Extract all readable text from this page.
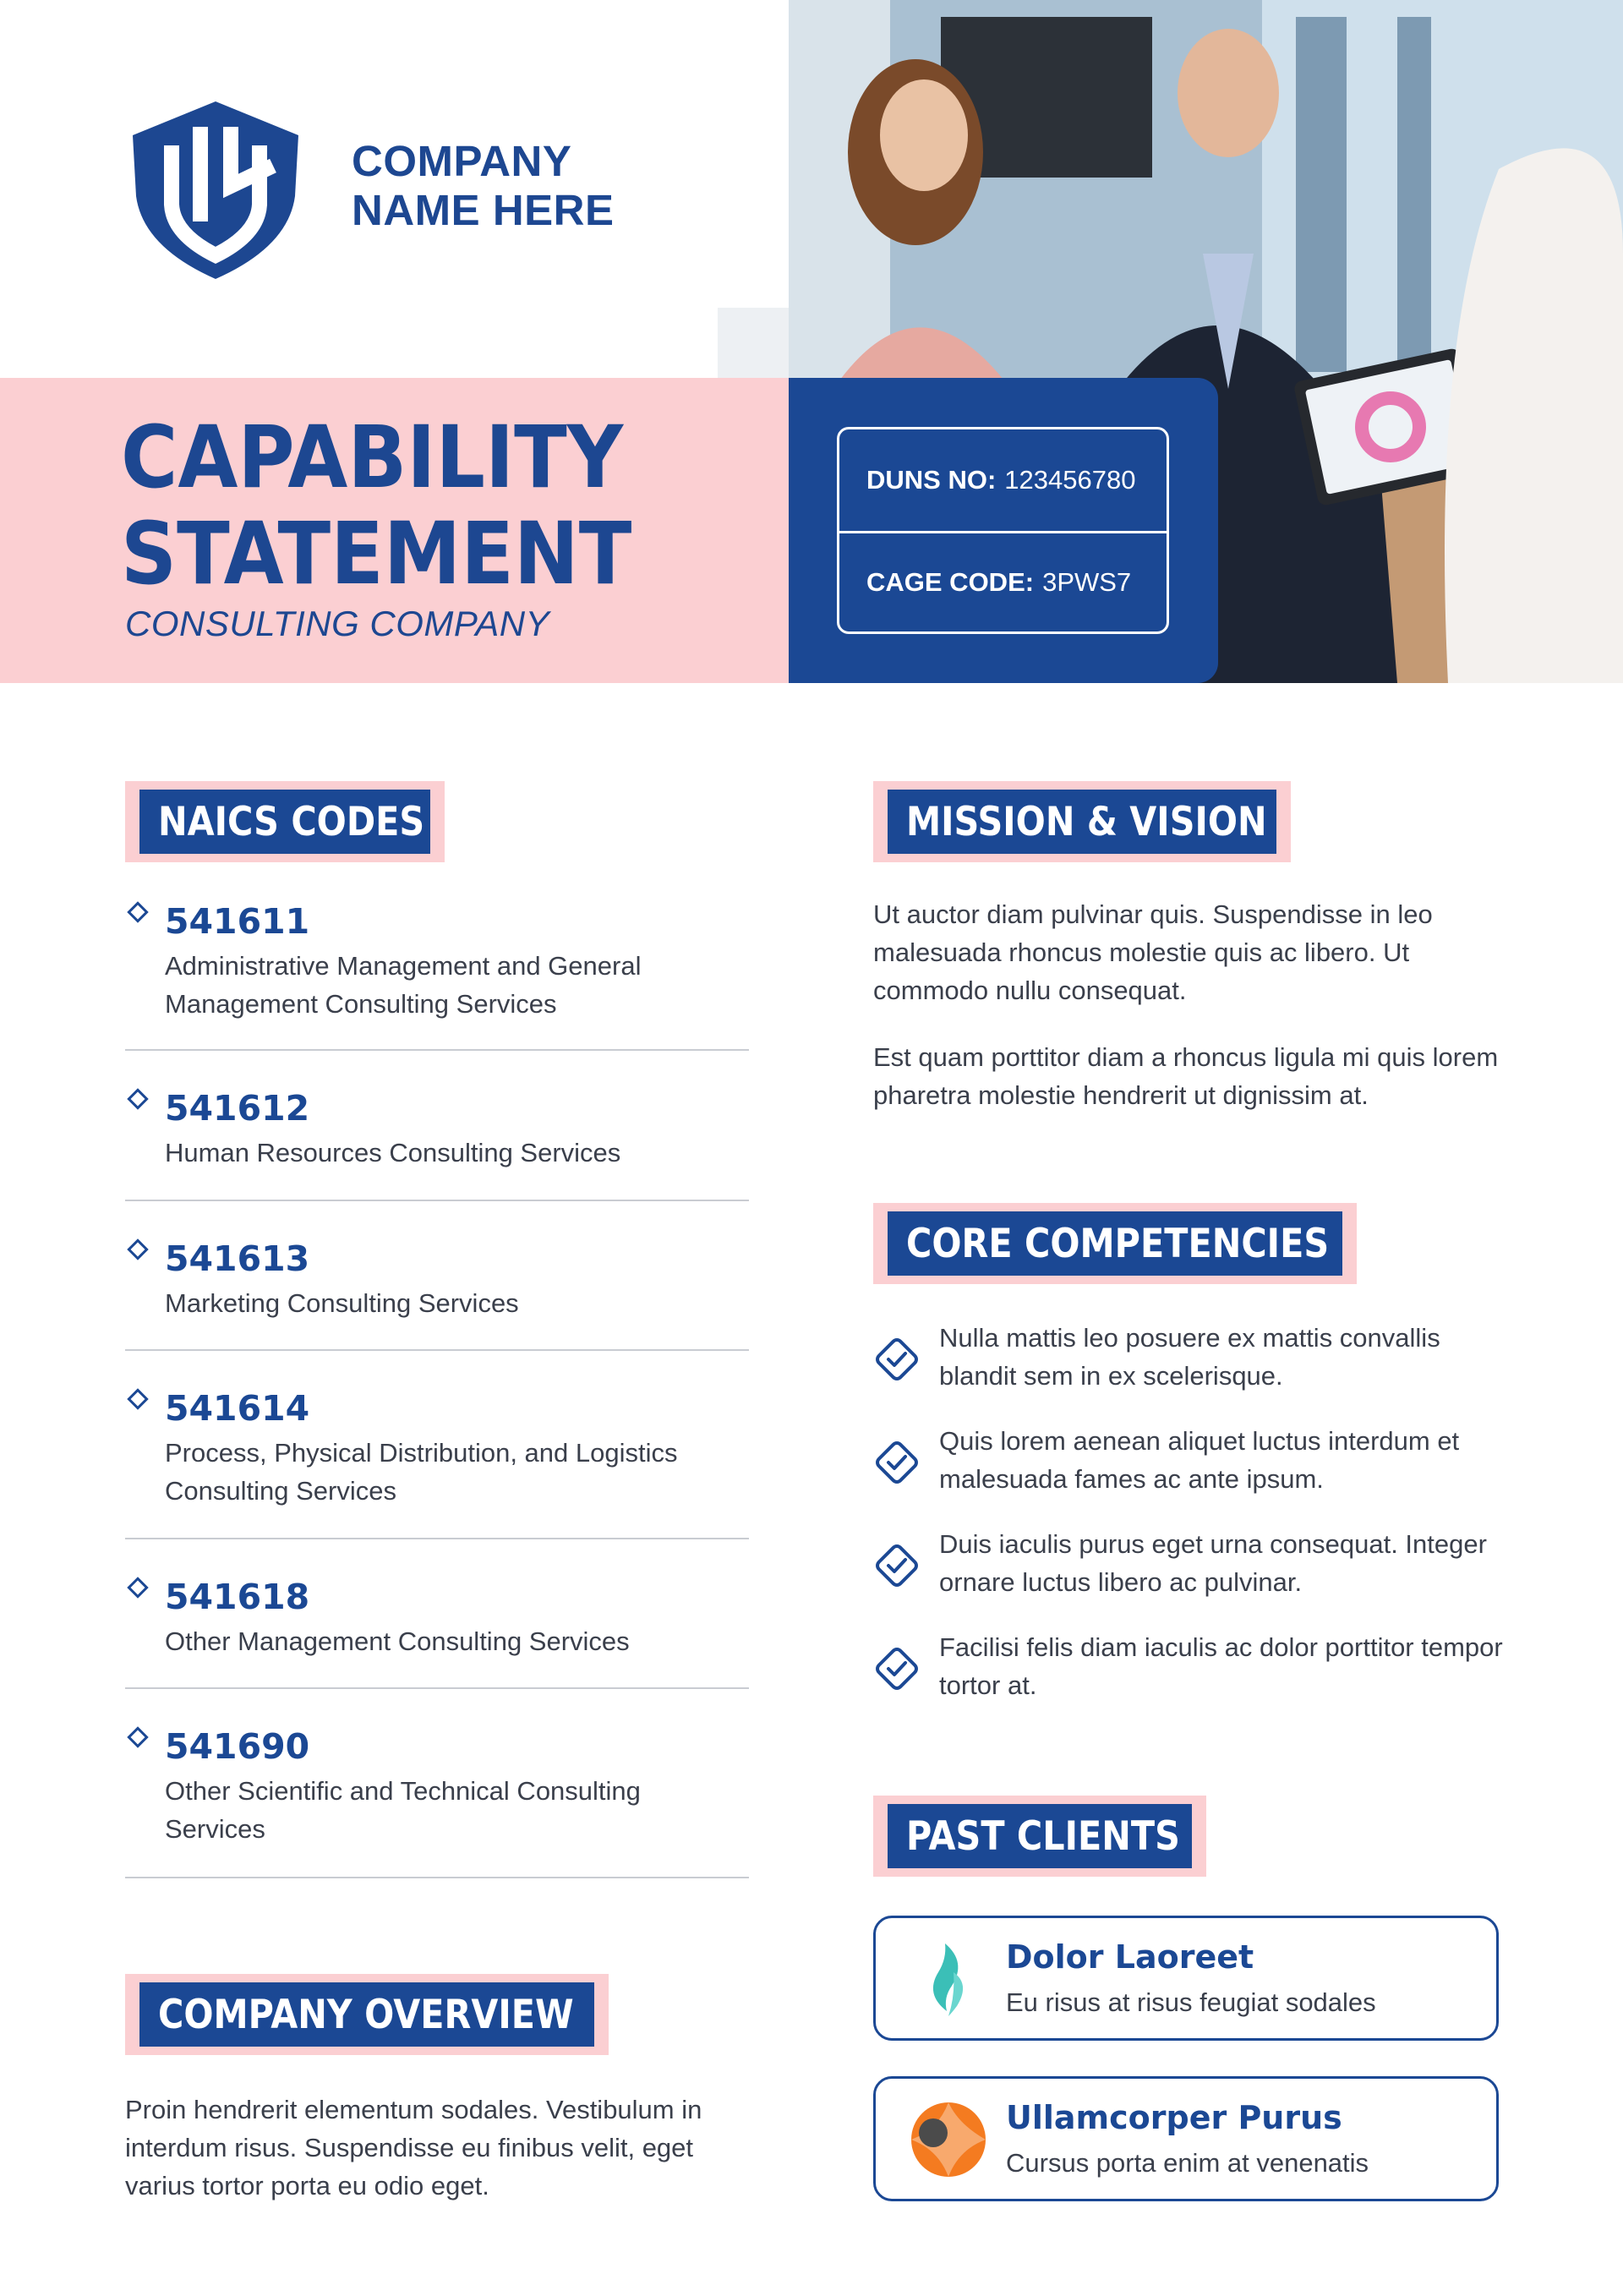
COMPANY
NAME HERE
CAPABILITY
STATEMENT
CONSULTING COMPANY
DUNS NO: 123456780
CAGE CODE: 3PWS7
NAICS CODES
541611
Administrative Management and General Management Consulting Services
541612
Human Resources Consulting Services
541613
Marketing Consulting Services
541614
Process, Physical Distribution, and Logistics Consulting Services
541618
Other Management Consulting Services
541690
Other Scientific and Technical Consulting Services
COMPANY OVERVIEW
Proin hendrerit elementum sodales. Vestibulum in interdum risus. Suspendisse eu finibus velit, eget varius tortor porta eu odio eget.
MISSION & VISION
Ut auctor diam pulvinar quis. Suspendisse in leo malesuada rhoncus molestie quis ac libero. Ut commodo nullu consequat.
Est quam porttitor diam a rhoncus ligula mi quis lorem pharetra molestie hendrerit ut dignissim at.
CORE COMPETENCIES
Nulla mattis leo posuere ex mattis convallis blandit sem in ex scelerisque.
Quis lorem aenean aliquet luctus interdum et malesuada fames ac ante ipsum.
Duis iaculis purus eget urna consequat. Integer ornare luctus libero ac pulvinar.
Facilisi felis diam iaculis ac dolor porttitor tempor tortor at.
PAST CLIENTS
Dolor Laoreet
Eu risus at risus feugiat sodales
Ullamcorper Purus
Cursus porta enim at venenatis
